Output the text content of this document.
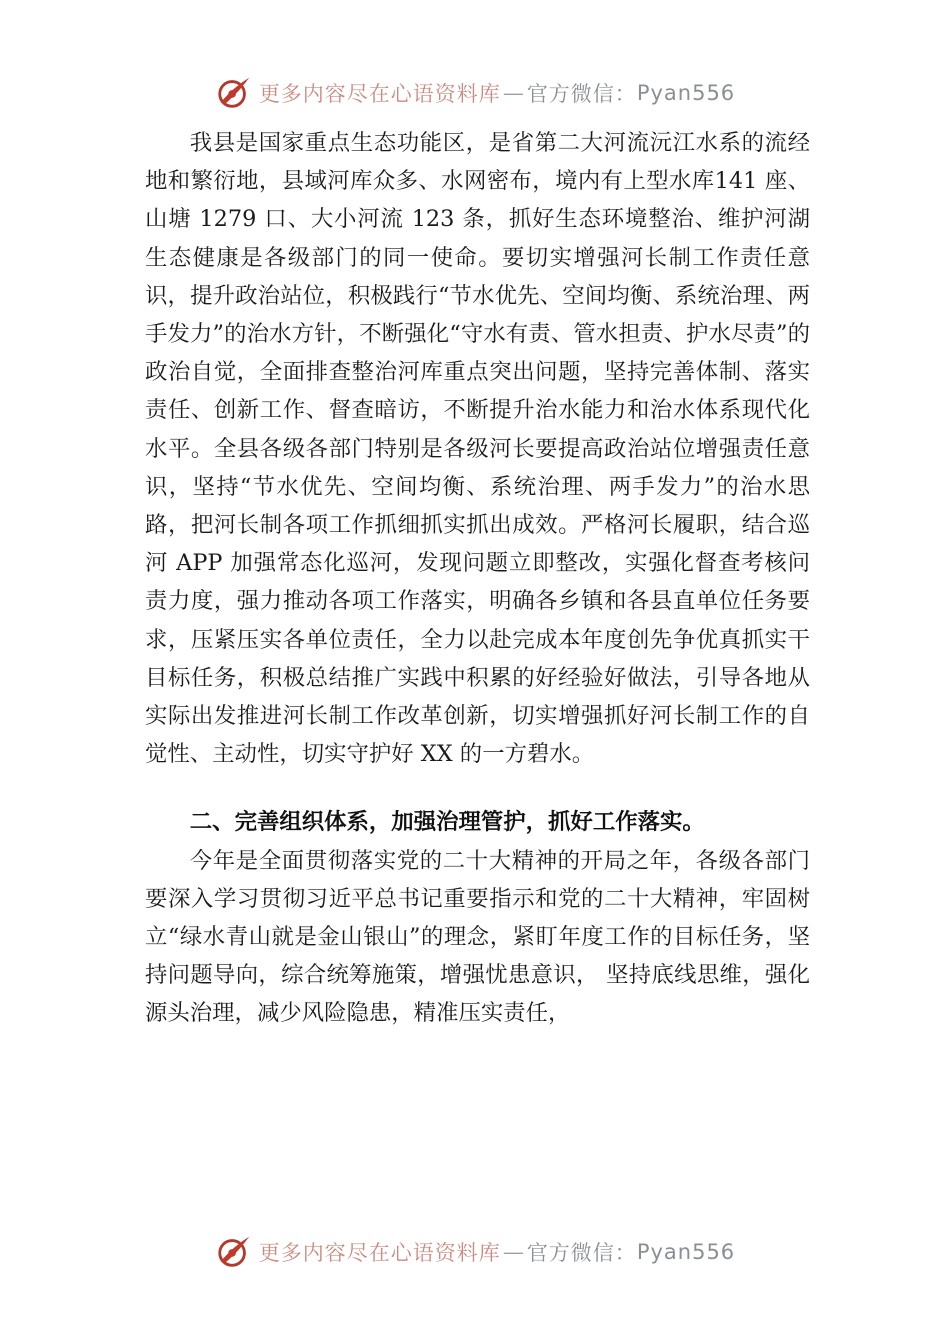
更多内容尽在心语资料库 — 官方微信： Pyan556

我县是国家重点生态功能区，是省第二大河流沅江水系的流经地和繁衍地，县域河库众多、水网密布，境内有上型水库141 座、山塘 1279 口、大小河流 123 条，抓好生态环境整治、维护河湖生态健康是各级部门的同一使命。要切实增强河长制工作责任意识，提升政治站位，积极践行“节水优先、空间均衡、系统治理、两手发力”的治水方针，不断强化“守水有责、管水担责、护水尽责”的政治自觉，全面排查整治河库重点突出问题，坚持完善体制、落实责任、创新工作、督查暗访，不断提升治水能力和治水体系现代化水平。全县各级各部门特别是各级河长要提高政治站位增强责任意识，坚持“节水优先、空间均衡、系统治理、两手发力”的治水思路，把河长制各项工作抓细抓实抓出成效。严格河长履职，结合巡河 APP 加强常态化巡河，发现问题立即整改，实强化督查考核问责力度，强力推动各项工作落实，明确各乡镇和各县直单位任务要求，压紧压实各单位责任，全力以赴完成本年度创先争优真抓实干目标任务，积极总结推广实践中积累的好经验好做法，引导各地从实际出发推进河长制工作改革创新，切实增强抓好河长制工作的自觉性、主动性，切实守护好 XX 的一方碧水。

二、完善组织体系，加强治理管护，抓好工作落实。

今年是全面贯彻落实党的二十大精神的开局之年，各级各部门要深入学习贯彻习近平总书记重要指示和党的二十大精神，牢固树立“绿水青山就是金山银山”的理念，紧盯年度工作的目标任务，坚持问题导向，综合统筹施策，增强忧患意识， 坚持底线思维，强化源头治理，减少风险隐患，精准压实责任，

更多内容尽在心语资料库 — 官方微信： Pyan556
